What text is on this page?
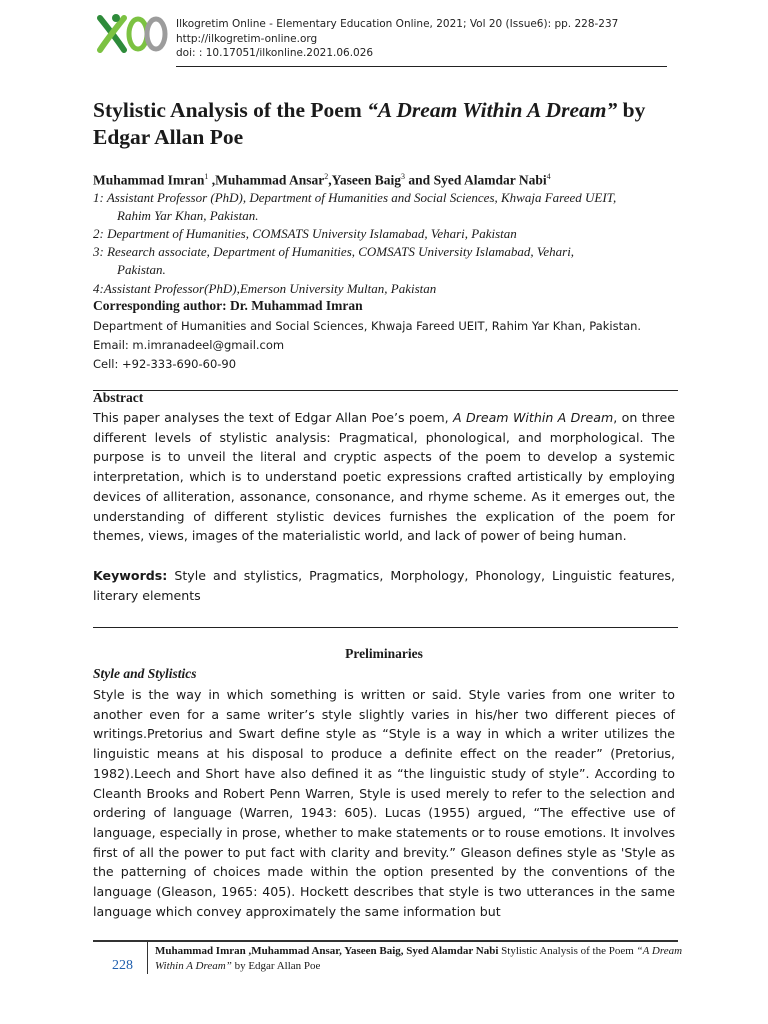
Ilkogretim Online - Elementary Education Online, 2021; Vol 20 (Issue6): pp. 228-237
http://ilkogretim-online.org
doi: : 10.17051/ilkonline.2021.06.026
Stylistic Analysis of the Poem “A Dream Within A Dream” by
Edgar Allan Poe
Muhammad Imran$^1$ ,Muhammad Ansar$^2$,Yaseen Baig$^3$ and Syed Alamdar Nabi$^4$
1: Assistant Professor (PhD), Department of Humanities and Social Sciences, Khwaja Fareed UEIT,
Rahim Yar Khan, Pakistan.
2: Department of Humanities, COMSATS University Islamabad, Vehari, Pakistan
3: Research associate, Department of Humanities, COMSATS University Islamabad, Vehari,
Pakistan.
4:Assistant Professor(PhD),Emerson University Multan, Pakistan
Corresponding author: Dr. Muhammad Imran
Department of Humanities and Social Sciences, Khwaja Fareed UEIT, Rahim Yar Khan, Pakistan.
Email: m.imranadeel@gmail.com
Cell: +92-333-690-60-90
Abstract
This paper analyses the text of Edgar Allan Poe’s poem, A Dream Within A Dream, on three different levels of stylistic analysis: Pragmatical, phonological, and morphological. The purpose is to unveil the literal and cryptic aspects of the poem to develop a systemic interpretation, which is to understand poetic expressions crafted artistically by employing devices of alliteration, assonance, consonance, and rhyme scheme. As it emerges out, the understanding of different stylistic devices furnishes the explication of the poem for themes, views, images of the materialistic world, and lack of power of being human.
Keywords: Style and stylistics, Pragmatics, Morphology, Phonology, Linguistic features, literary elements
Preliminaries
Style and Stylistics
Style is the way in which something is written or said. Style varies from one writer to another even for a same writer’s style slightly varies in his/her two different pieces of writings.Pretorius and Swart define style as “Style is a way in which a writer utilizes the linguistic means at his disposal to produce a definite effect on the reader” (Pretorius, 1982).Leech and Short have also defined it as “the linguistic study of style”. According to Cleanth Brooks and Robert Penn Warren, Style is used merely to refer to the selection and ordering of language (Warren, 1943: 605). Lucas (1955) argued, “The effective use of language, especially in prose, whether to make statements or to rouse emotions. It involves first of all the power to put fact with clarity and brevity.” Gleason defines style as 'Style as the patterning of choices made within the option presented by the conventions of the language (Gleason, 1965: 405). Hockett describes that style is two utterances in the same language which convey approximately the same information but
228
Muhammad Imran ,Muhammad Ansar, Yaseen Baig, Syed Alamdar Nabi Stylistic Analysis of the Poem “A Dream Within A Dream” by Edgar Allan Poe
